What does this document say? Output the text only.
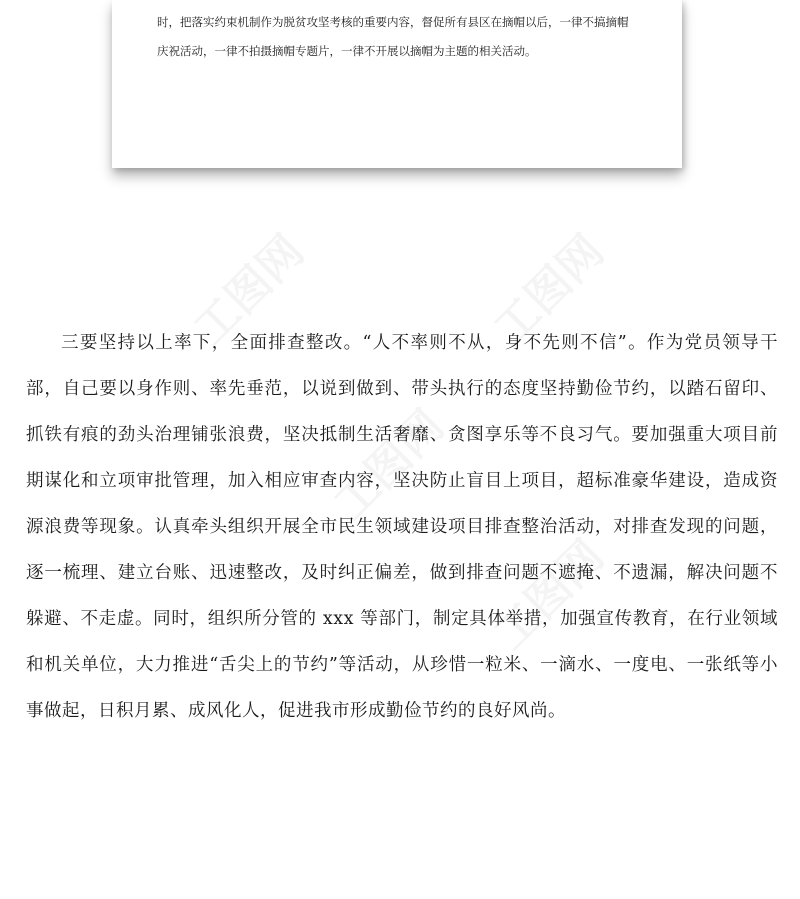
时，把落实约束机制作为脱贫攻坚考核的重要内容，督促所有县区在摘帽以后，一律不搞摘帽
庆祝活动，一律不拍摄摘帽专题片，一律不开展以摘帽为主题的相关活动。

三要坚持以上率下，全面排查整改。“人不率则不从，身不先则不信”。作为党员领导干部，自己要以身作则、率先垂范，以说到做到、带头执行的态度坚持勤俭节约，以踏石留印、抓铁有痕的劲头治理铺张浪费，坚决抵制生活奢靡、贪图享乐等不良习气。要加强重大项目前期谋化和立项审批管理，加入相应审查内容，坚决防止盲目上项目，超标准豪华建设，造成资源浪费等现象。认真牵头组织开展全市民生领域建设项目排查整治活动，对排查发现的问题，逐一梳理、建立台账、迅速整改，及时纠正偏差，做到排查问题不遮掩、不遗漏，解决问题不躲避、不走虚。同时，组织所分管的 xxx 等部门，制定具体举措，加强宣传教育，在行业领域和机关单位，大力推进“舌尖上的节约”等活动，从珍惜一粒米、一滴水、一度电、一张纸等小事做起，日积月累、成风化人，促进我市形成勤俭节约的良好风尚。
